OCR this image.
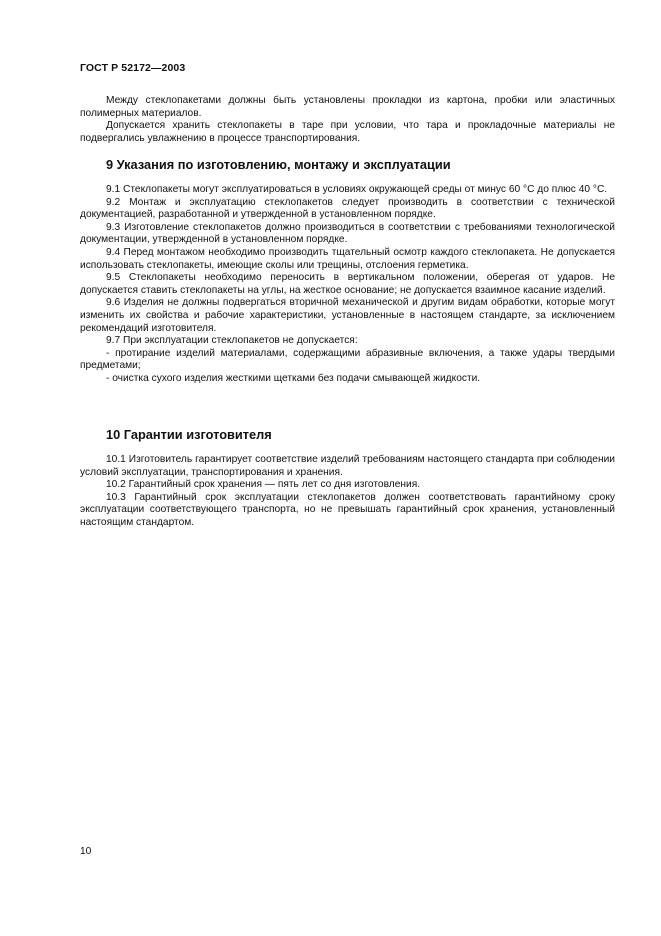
ГОСТ Р 52172—2003

Между стеклопакетами должны быть установлены прокладки из картона, пробки или эластичных полимерных материалов.

Допускается хранить стеклопакеты в таре при условии, что тара и прокладочные материалы не подвергались увлажнению в процессе транспортирования.

9 Указания по изготовлению, монтажу и эксплуатации

9.1 Стеклопакеты могут эксплуатироваться в условиях окружающей среды от минус 60 °С до плюс 40 °С.

9.2 Монтаж и эксплуатацию стеклопакетов следует производить в соответствии с технической документацией, разработанной и утвержденной в установленном порядке.

9.3 Изготовление стеклопакетов должно производиться в соответствии с требованиями технологической документации, утвержденной в установленном порядке.

9.4 Перед монтажом необходимо производить тщательный осмотр каждого стеклопакета. Не допускается использовать стеклопакеты, имеющие сколы или трещины, отслоения герметика.

9.5 Стеклопакеты необходимо переносить в вертикальном положении, оберегая от ударов. Не допускается ставить стеклопакеты на углы, на жесткое основание; не допускается взаимное касание изделий.

9.6 Изделия не должны подвергаться вторичной механической и другим видам обработки, которые могут изменить их свойства и рабочие характеристики, установленные в настоящем стандарте, за исключением рекомендаций изготовителя.

9.7 При эксплуатации стеклопакетов не допускается:

- протирание изделий материалами, содержащими абразивные включения, а также удары твердыми предметами;

- очистка сухого изделия жесткими щетками без подачи смывающей жидкости.

10 Гарантии изготовителя

10.1 Изготовитель гарантирует соответствие изделий требованиям настоящего стандарта при соблюдении условий эксплуатации, транспортирования и хранения.

10.2 Гарантийный срок хранения — пять лет со дня изготовления.

10.3 Гарантийный срок эксплуатации стеклопакетов должен соответствовать гарантийному сроку эксплуатации соответствующего транспорта, но не превышать гарантийный срок хранения, установленный настоящим стандартом.

10
